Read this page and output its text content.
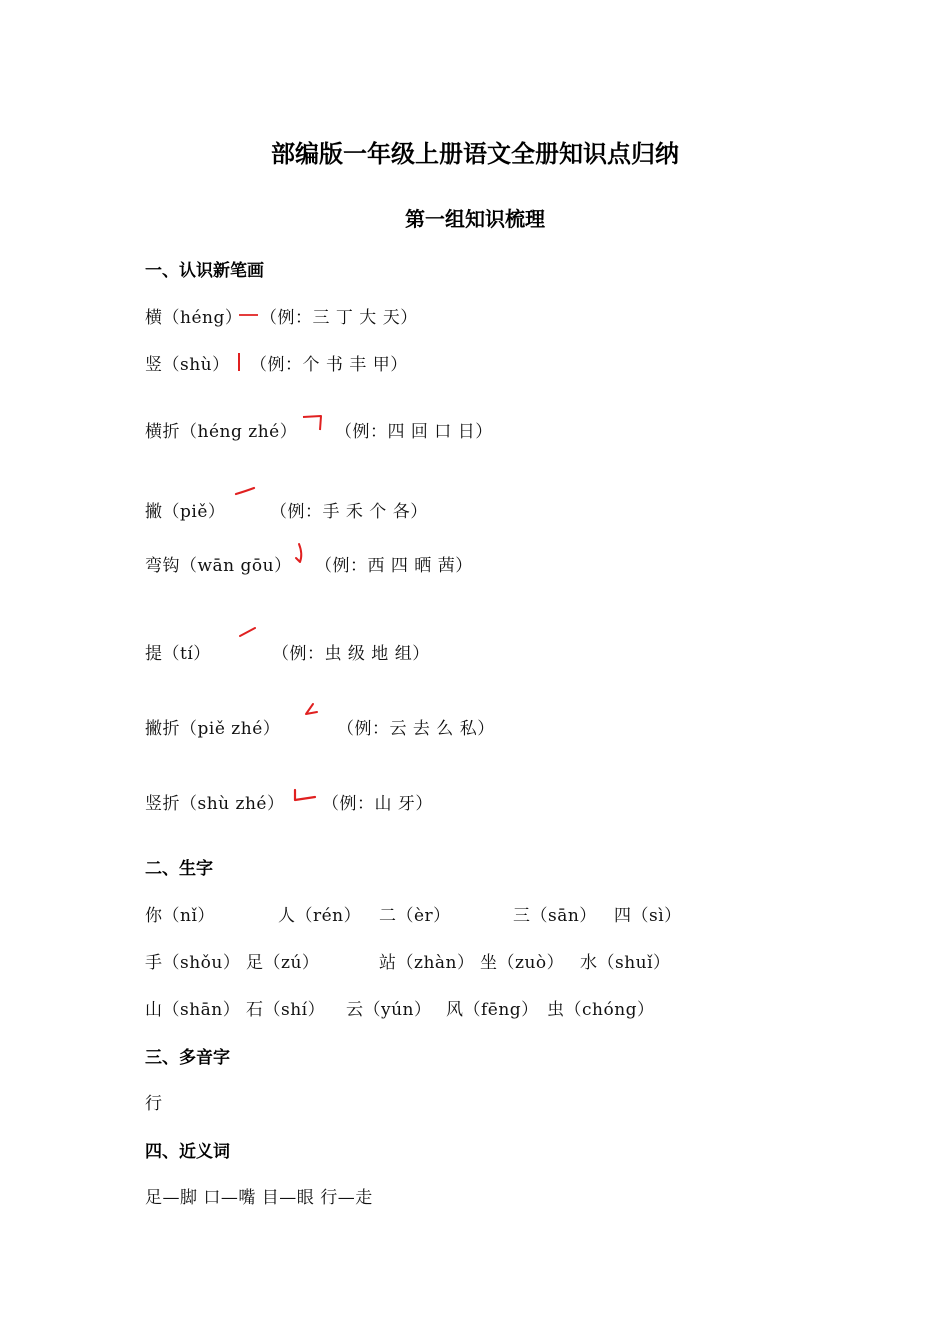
部编版一年级上册语文全册知识点归纳
第一组知识梳理
一、认识新笔画
横（héng） （例：三 丁 大 天）
竖（shù） （例：个 书 丰 甲）
横折（héng zhé） （例：四 回 口 日）
撇（piě）	（例：手 禾 个 各）
弯钩（wān gōu） （例：西 四 晒 茜）
提（tí）	（例：虫 级 地 组）
撇折（piě zhé）	（例：云 去 么 私）
竖折（shù zhé） （例：山 牙）
二、生字
你（nǐ）	人（rén） 二（èr）	三（sān） 四（sì）
手（shǒu） 足（zú）	站（zhàn） 坐（zuò） 水（shuǐ）
山（shān） 石（shí） 云（yún） 风（fēng） 虫（chóng）
三、多音字
行
四、近义词
足—脚 口—嘴 目—眼 行—走
